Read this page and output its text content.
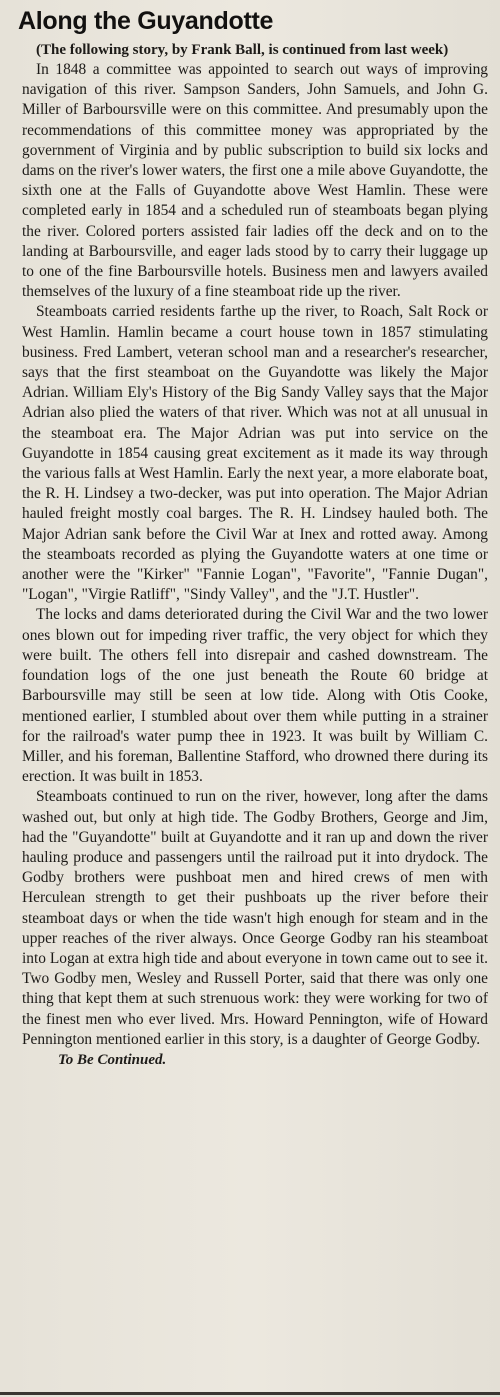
Along the Guyandotte

(The following story, by Frank Ball, is continued from last week)

In 1848 a committee was appointed to search out ways of improving navigation of this river. Sampson Sanders, John Samuels, and John G. Miller of Barboursville were on this committee. And presumably upon the recommendations of this committee money was appropriated by the government of Virginia and by public subscription to build six locks and dams on the river's lower waters, the first one a mile above Guyandotte, the sixth one at the Falls of Guyandotte above West Hamlin. These were completed early in 1854 and a scheduled run of steamboats began plying the river. Colored porters assisted fair ladies off the deck and on to the landing at Barboursville, and eager lads stood by to carry their luggage up to one of the fine Barboursville hotels. Business men and lawyers availed themselves of the luxury of a fine steamboat ride up the river.

Steamboats carried residents farthe up the river, to Roach, Salt Rock or West Hamlin. Hamlin became a court house town in 1857 stimulating business. Fred Lambert, veteran school man and a researcher's researcher, says that the first steamboat on the Guyandotte was likely the Major Adrian. William Ely's History of the Big Sandy Valley says that the Major Adrian also plied the waters of that river. Which was not at all unusual in the steamboat era. The Major Adrian was put into service on the Guyandotte in 1854 causing great excitement as it made its way through the various falls at West Hamlin. Early the next year, a more elaborate boat, the R. H. Lindsey a two-decker, was put into operation. The Major Adrian hauled freight mostly coal barges. The R. H. Lindsey hauled both. The Major Adrian sank before the Civil War at Inex and rotted away. Among the steamboats recorded as plying the Guyandotte waters at one time or another were the "Kirker" "Fannie Logan", "Favorite", "Fannie Dugan", "Logan", "Virgie Ratliff", "Sindy Valley", and the "J.T. Hustler".

The locks and dams deteriorated during the Civil War and the two lower ones blown out for impeding river traffic, the very object for which they were built. The others fell into disrepair and cashed downstream. The foundation logs of the one just beneath the Route 60 bridge at Barboursville may still be seen at low tide. Along with Otis Cooke, mentioned earlier, I stumbled about over them while putting in a strainer for the railroad's water pump thee in 1923. It was built by William C. Miller, and his foreman, Ballentine Stafford, who drowned there during its erection. It was built in 1853.

Steamboats continued to run on the river, however, long after the dams washed out, but only at high tide. The Godby Brothers, George and Jim, had the "Guyandotte" built at Guyandotte and it ran up and down the river hauling produce and passengers until the railroad put it into drydock. The Godby brothers were pushboat men and hired crews of men with Herculean strength to get their pushboats up the river before their steamboat days or when the tide wasn't high enough for steam and in the upper reaches of the river always. Once George Godby ran his steamboat into Logan at extra high tide and about everyone in town came out to see it. Two Godby men, Wesley and Russell Porter, said that there was only one thing that kept them at such strenuous work: they were working for two of the finest men who ever lived. Mrs. Howard Pennington, wife of Howard Pennington mentioned earlier in this story, is a daughter of George Godby.

To Be Continued.
